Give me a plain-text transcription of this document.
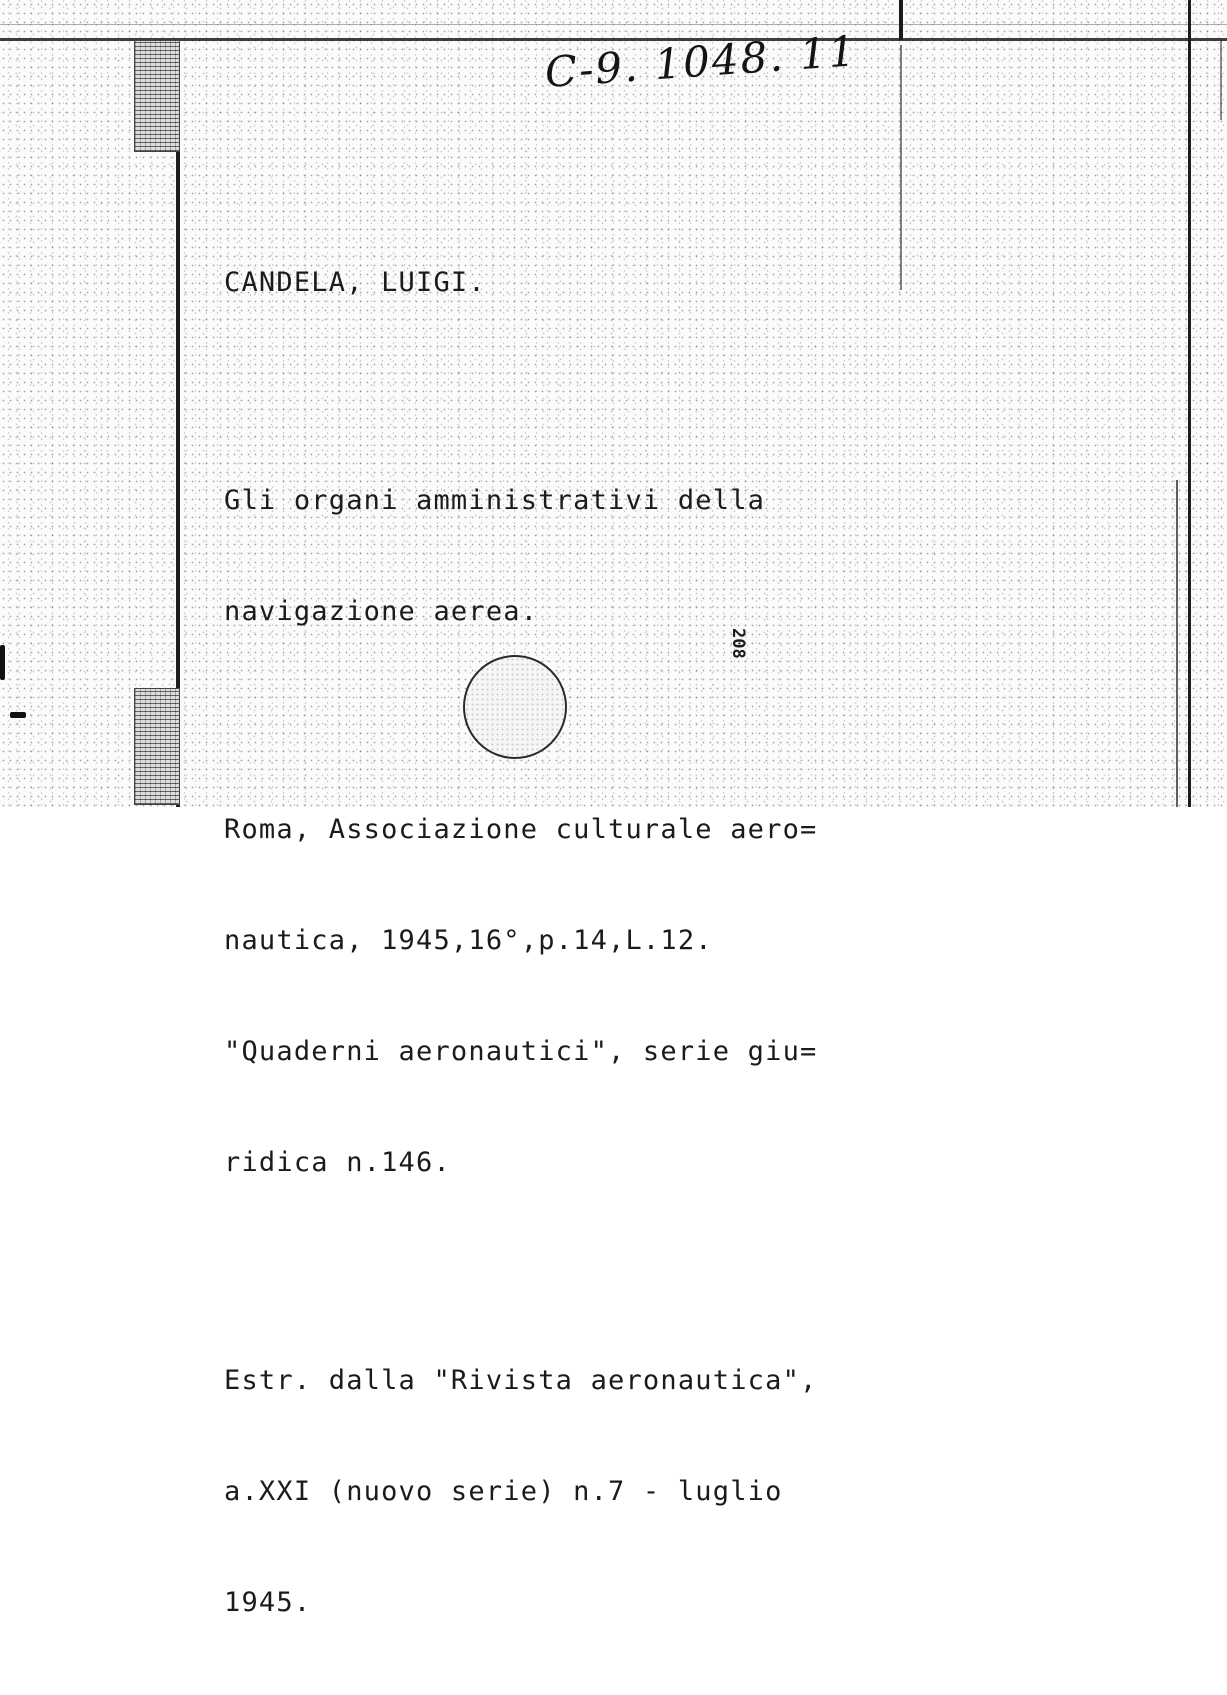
C-9. 1048. 11

CANDELA, LUIGI.

Gli organi amministrativi della

navigazione aerea.

Roma, Associazione culturale aero=

nautica, 1945,16°,p.14,L.12.

"Quaderni aeronautici", serie giu=

ridica n.146.

Estr. dalla "Rivista aeronautica",

a.XXI (nuovo serie) n.7 - luglio

1945.

208
